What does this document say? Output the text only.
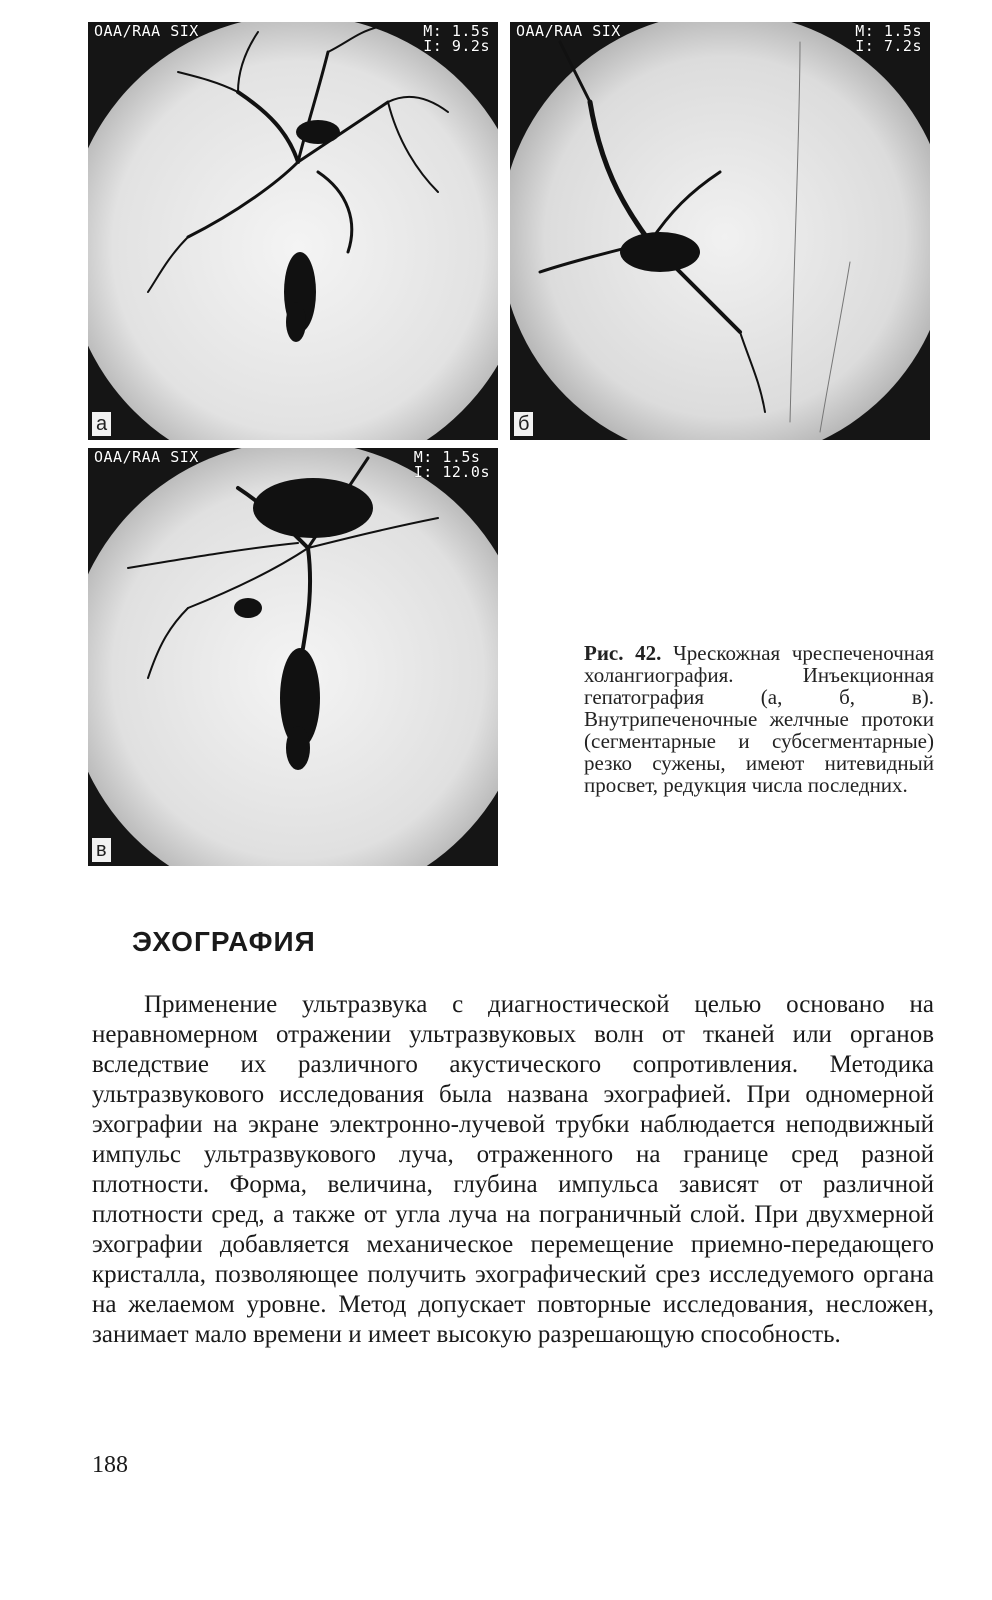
OAA/RAA SIX	M: 1.5s
I: 9.2s
а
OAA/RAA SIX	M: 1.5s
I: 7.2s
б
OAA/RAA SIX	M: 1.5s
I: 12.0s
в
Рис. 42. Чрескожная чреспеченочная холангиография. Инъекционная гепатография (а, б, в). Внутрипеченочные желчные протоки (сегментарные и субсегментарные) резко сужены, имеют нитевидный просвет, редукция числа последних.
ЭХОГРАФИЯ

Применение ультразвука с диагностической целью основано на неравномерном отражении ультразвуковых волн от тканей или органов вследствие их различного акустического сопротивления. Методика ультразвукового исследования была названа эхографией. При одномерной эхографии на экране электронно-лучевой трубки наблюдается неподвижный импульс ультразвукового луча, отраженного на границе сред разной плотности. Форма, величина, глубина импульса зависят от различной плотности сред, а также от угла луча на пограничный слой. При двухмерной эхографии добавляется механическое перемещение приемно-передающего кристалла, позволяющее получить эхографический срез исследуемого органа на желаемом уровне. Метод допускает повторные исследования, несложен, занимает мало времени и имеет высокую разрешающую способность.

188
